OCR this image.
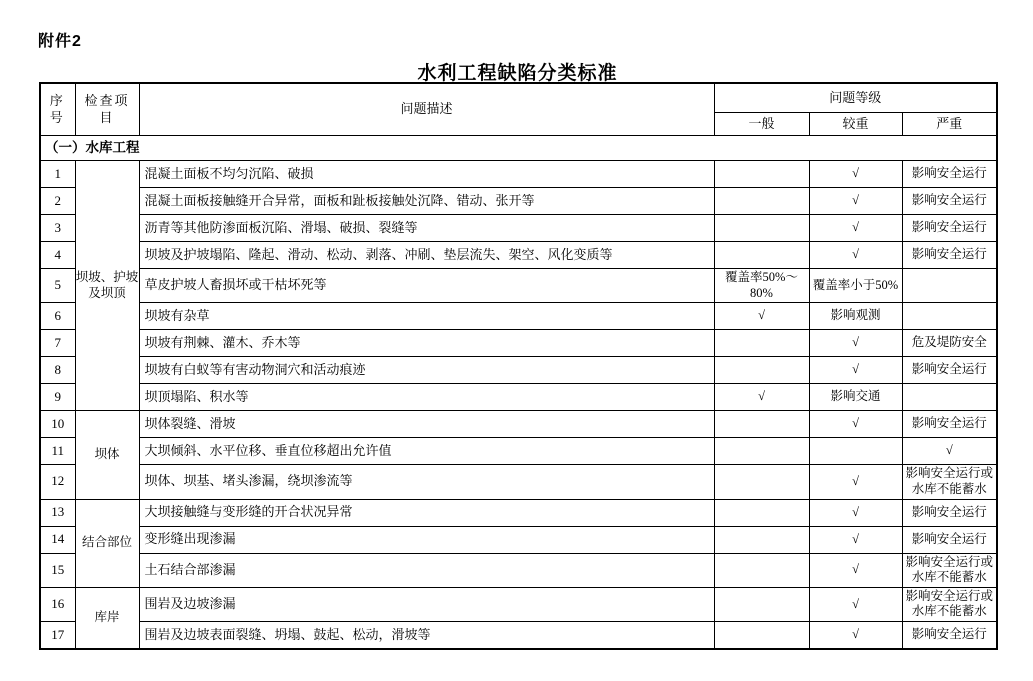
附件2
水利工程缺陷分类标准
序号	检查项目	问题描述	问题等级		
			一般	较重	严重
（一）水库工程					
1	坝坡、护坡及坝顶	混凝土面板不均匀沉陷、破损		√	影响安全运行
2		混凝土面板接触缝开合异常，面板和趾板接触处沉降、错动、张开等		√	影响安全运行
3		沥青等其他防渗面板沉陷、滑塌、破损、裂缝等		√	影响安全运行
4		坝坡及护坡塌陷、隆起、滑动、松动、剥落、冲刷、垫层流失、架空、风化变质等		√	影响安全运行
5		草皮护坡人畜损坏或干枯坏死等	覆盖率50%～80%	覆盖率小于50%	
6		坝坡有杂草	√	影响观测	
7		坝坡有荆棘、灌木、乔木等		√	危及堤防安全
8		坝坡有白蚁等有害动物洞穴和活动痕迹		√	影响安全运行
9		坝顶塌陷、积水等	√	影响交通	
10	坝体	坝体裂缝、滑坡		√	影响安全运行
11		大坝倾斜、水平位移、垂直位移超出允许值			√
12		坝体、坝基、堵头渗漏，绕坝渗流等		√	影响安全运行或水库不能蓄水
13	结合部位	大坝接触缝与变形缝的开合状况异常		√	影响安全运行
14		变形缝出现渗漏		√	影响安全运行
15		土石结合部渗漏		√	影响安全运行或水库不能蓄水
16	库岸	围岩及边坡渗漏		√	影响安全运行或水库不能蓄水
17		围岩及边坡表面裂缝、坍塌、鼓起、松动，滑坡等		√	影响安全运行
